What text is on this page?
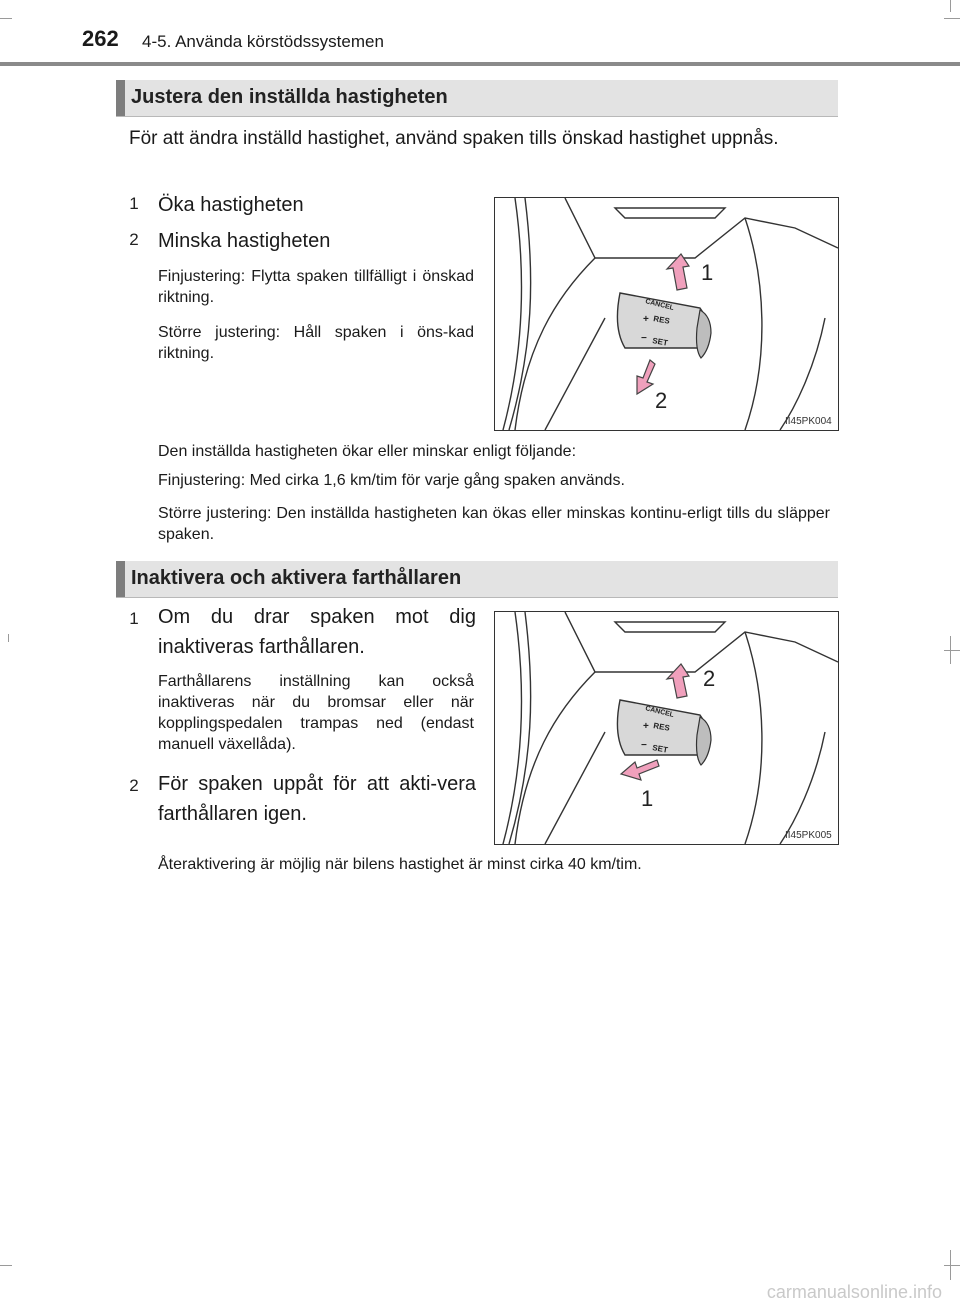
262 4-5. Använda körstödssystemen
Justera den inställda hastigheten
För att ändra inställd hastighet, använd spaken tills önskad hastighet uppnås.
1 Öka hastigheten
2 Minska hastigheten
Finjustering: Flytta spaken tillfälligt i önskad riktning.
Större justering: Håll spaken i öns-kad riktning.
CANCEL
+ RES
− SET
1
2
II45PK004
Den inställda hastigheten ökar eller minskar enligt följande:
Finjustering: Med cirka 1,6 km/tim för varje gång spaken används.
Större justering: Den inställda hastigheten kan ökas eller minskas kontinu-erligt tills du släpper spaken.
Inaktivera och aktivera farthållaren
1 Om du drar spaken mot dig inaktiveras farthållaren.
Farthållarens inställning kan också inaktiveras när du bromsar eller när kopplingspedalen trampas ned (endast manuell växellåda).
2 För spaken uppåt för att akti-vera farthållaren igen.
CANCEL
+ RES
− SET
2
1
II45PK005
Återaktivering är möjlig när bilens hastighet är minst cirka 40 km/tim.
carmanualsonline.info
